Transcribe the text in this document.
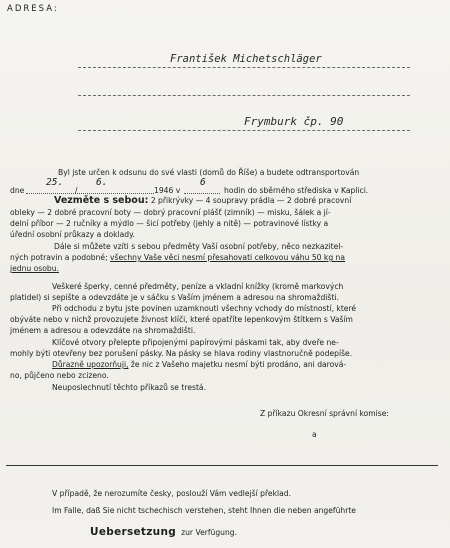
ADRESA:
František Michetschläger
Frymburk čp. 90
Byl jste určen k odsunu do své vlasti (domů do Říše) a budete odtransportován
dne
25.
/
6.
1946 v
6
hodin do sběrného střediska v Kaplici.
Vezměte s sebou: 2 přikrývky — 4 soupravy prádla — 2 dobré pracovní
obleky — 2 dobré pracovní boty — dobrý pracovní plášť (zimník) — misku, šálek a jí-
delní příbor — 2 ručníky a mýdlo — šicí potřeby (jehly a nitě) — potravinové lístky a
úřední osobní průkazy a doklady.
Dále si můžete vzíti s sebou předměty Vaší osobní potřeby, něco nezkazitel-
ných potravin a podobné; všechny Vaše věci nesmí přesahovati celkovou váhu 50 kg na
jednu osobu.
Veškeré šperky, cenné předměty, peníze a vkladní knížky (kromě markových
platidel) si sepište a odevzdáte je v sáčku s Vaším jménem a adresou na shromaždišti.
Při odchodu z bytu jste povinen uzamknouti všechny vchody do místností, které
obýváte nebo v nichž provozujete živnost klíči, které opatříte lepenkovým štítkem s Vaším
jménem a adresou a odevzdáte na shromaždišti.
Klíčové otvory přelepte připojenými papírovými páskami tak, aby dveře ne-
mohly býti otevřeny bez porušení pásky. Na pásky se hlava rodiny vlastnoručně podepíše.
Důrazně upozorňuji, že nic z Vašeho majetku nesmí býti prodáno, ani darová-
no, půjčeno nebo zcizeno.
Neuposlechnutí těchto příkazů se trestá.
Z příkazu Okresní správní komise:
a
V případě, že nerozumíte česky, poslouží Vám vedlejší překlad.
Im Falle, daß Sie nicht tschechisch verstehen, steht Ihnen die neben angeführte
Uebersetzung zur Verfügung.
